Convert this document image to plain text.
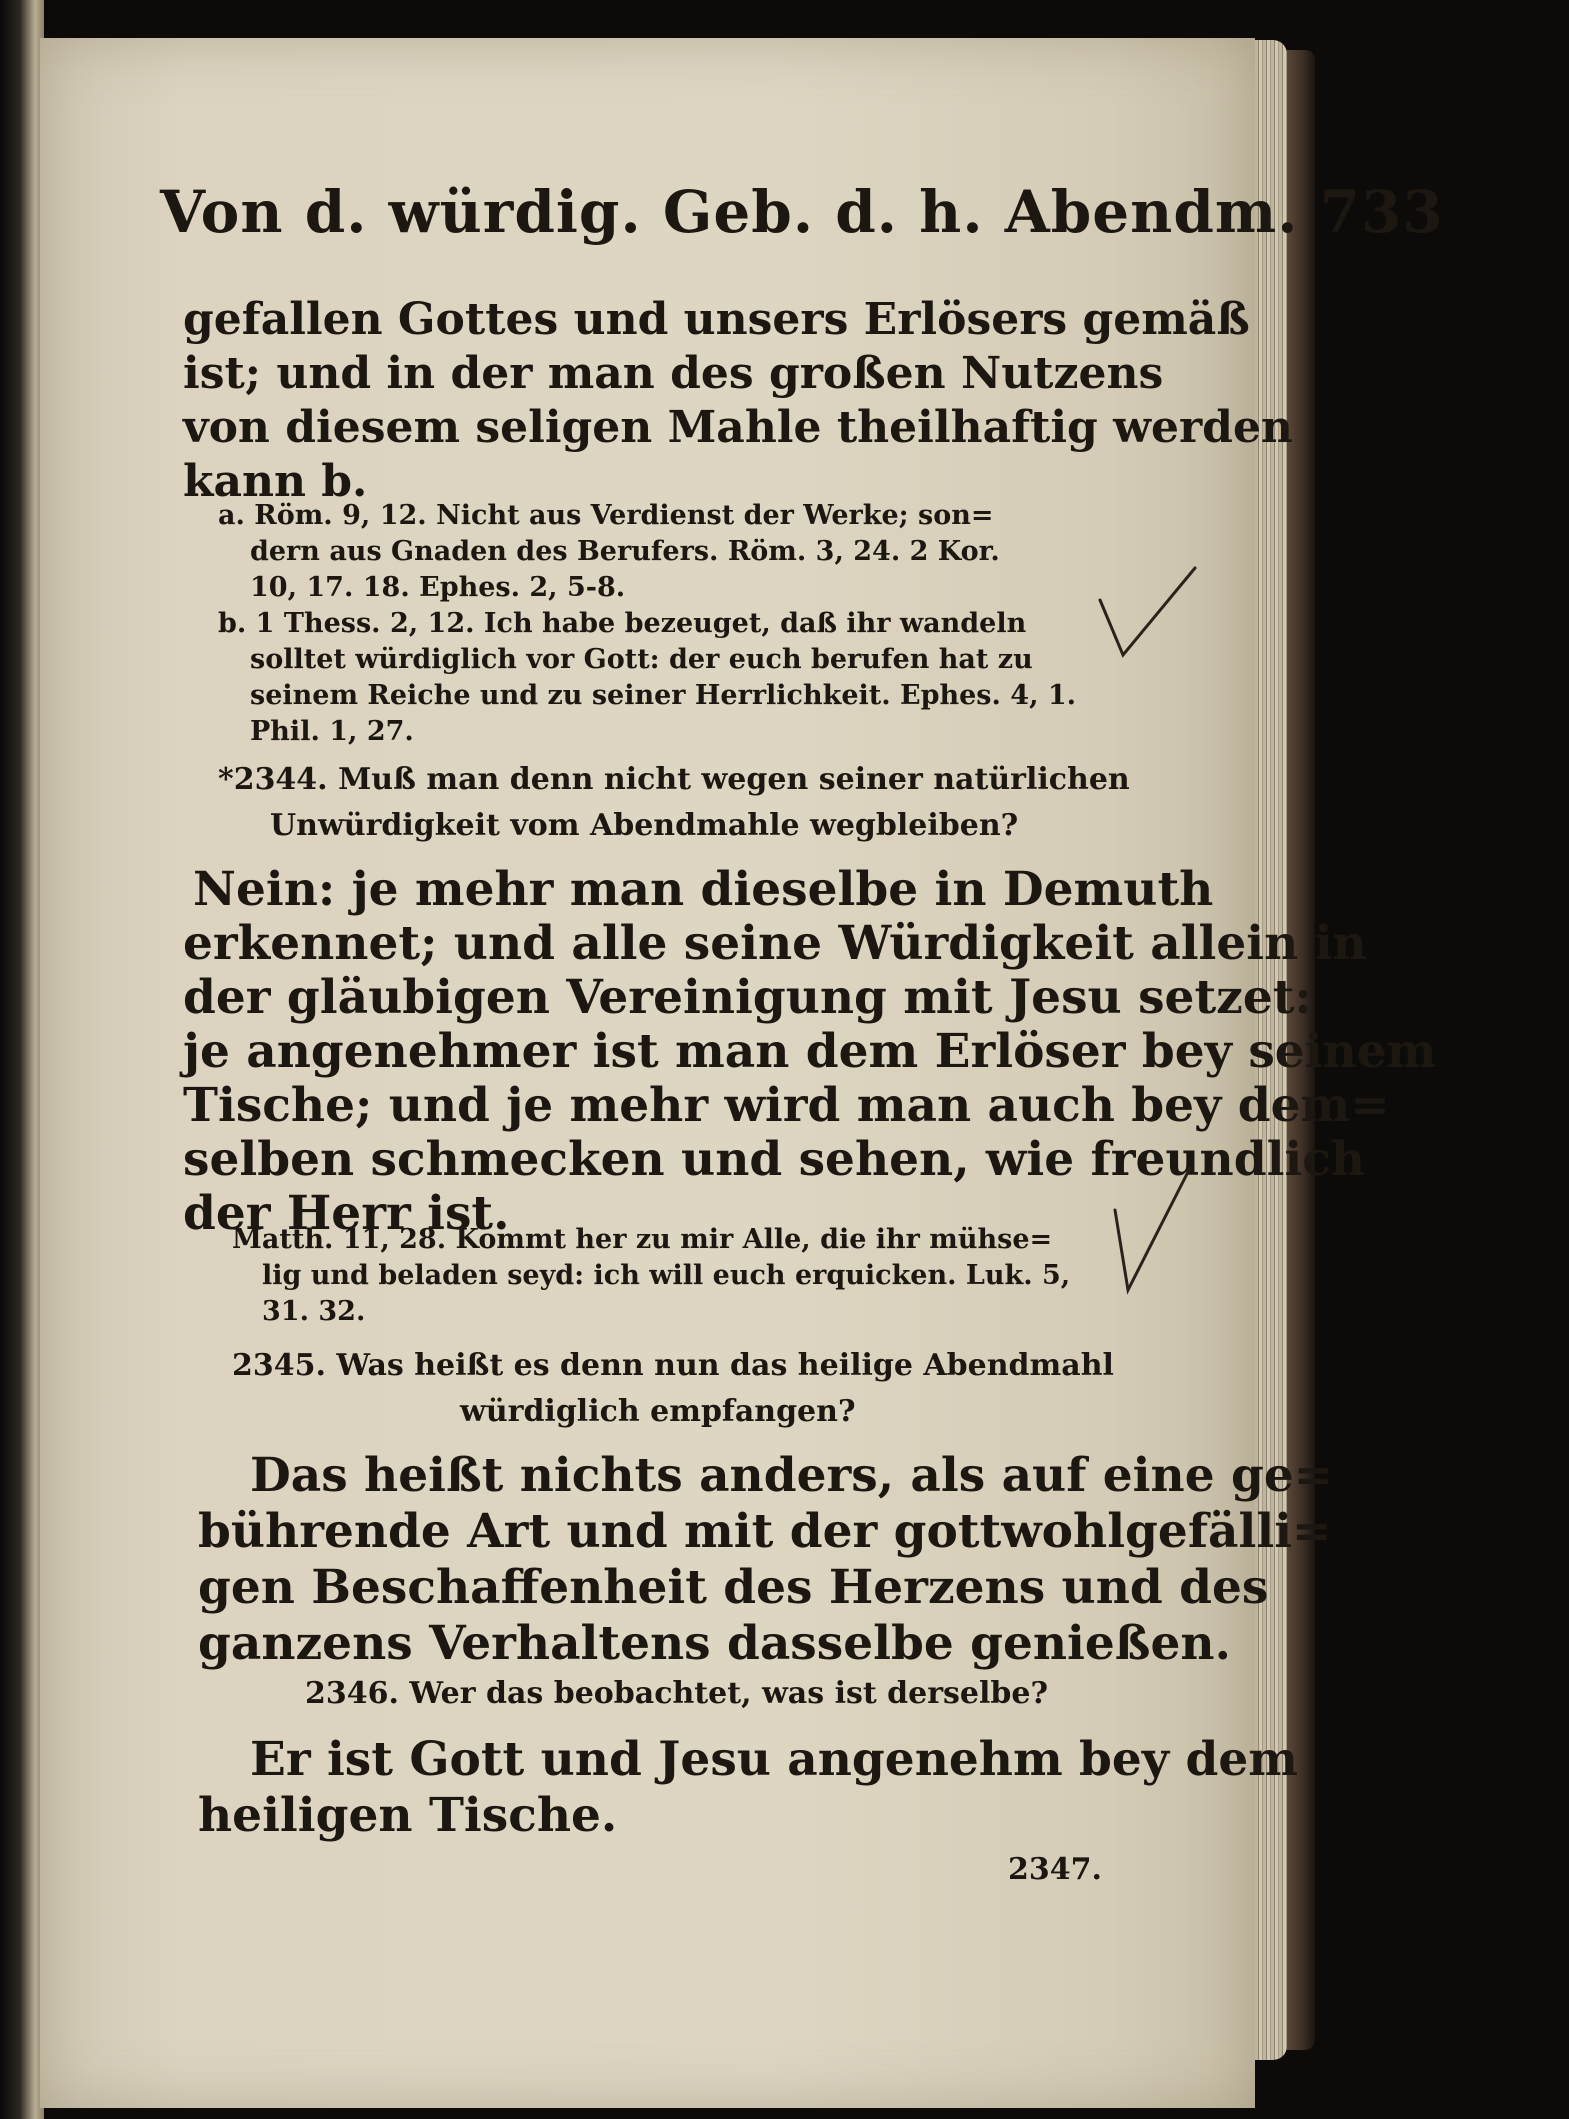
Von d. würdig. Geb. d. h. Abendm. 733
gefallen Gottes und unsers Erlösers gemäß
ist; und in der man des großen Nutzens
von diesem seligen Mahle theilhaftig werden
kann b.
a. Röm. 9, 12. Nicht aus Verdienst der Werke; son=
dern aus Gnaden des Berufers. Röm. 3, 24. 2 Kor.
10, 17. 18. Ephes. 2, 5-8.
b. 1 Thess. 2, 12. Ich habe bezeuget, daß ihr wandeln
solltet würdiglich vor Gott: der euch berufen hat zu
seinem Reiche und zu seiner Herrlichkeit. Ephes. 4, 1.
Phil. 1, 27.
*2344. Muß man denn nicht wegen seiner natürlichen
Unwürdigkeit vom Abendmahle wegbleiben?
Nein: je mehr man dieselbe in Demuth
erkennet; und alle seine Würdigkeit allein in
der gläubigen Vereinigung mit Jesu setzet:
je angenehmer ist man dem Erlöser bey seinem
Tische; und je mehr wird man auch bey dem=
selben schmecken und sehen, wie freundlich
der Herr ist.
Matth. 11, 28. Kommt her zu mir Alle, die ihr mühse=
lig und beladen seyd: ich will euch erquicken. Luk. 5,
31. 32.
2345. Was heißt es denn nun das heilige Abendmahl
würdiglich empfangen?
Das heißt nichts anders, als auf eine ge=
bührende Art und mit der gottwohlgefälli=
gen Beschaffenheit des Herzens und des
ganzens Verhaltens dasselbe genießen.
2346. Wer das beobachtet, was ist derselbe?
Er ist Gott und Jesu angenehm bey dem
heiligen Tische.
2347.
